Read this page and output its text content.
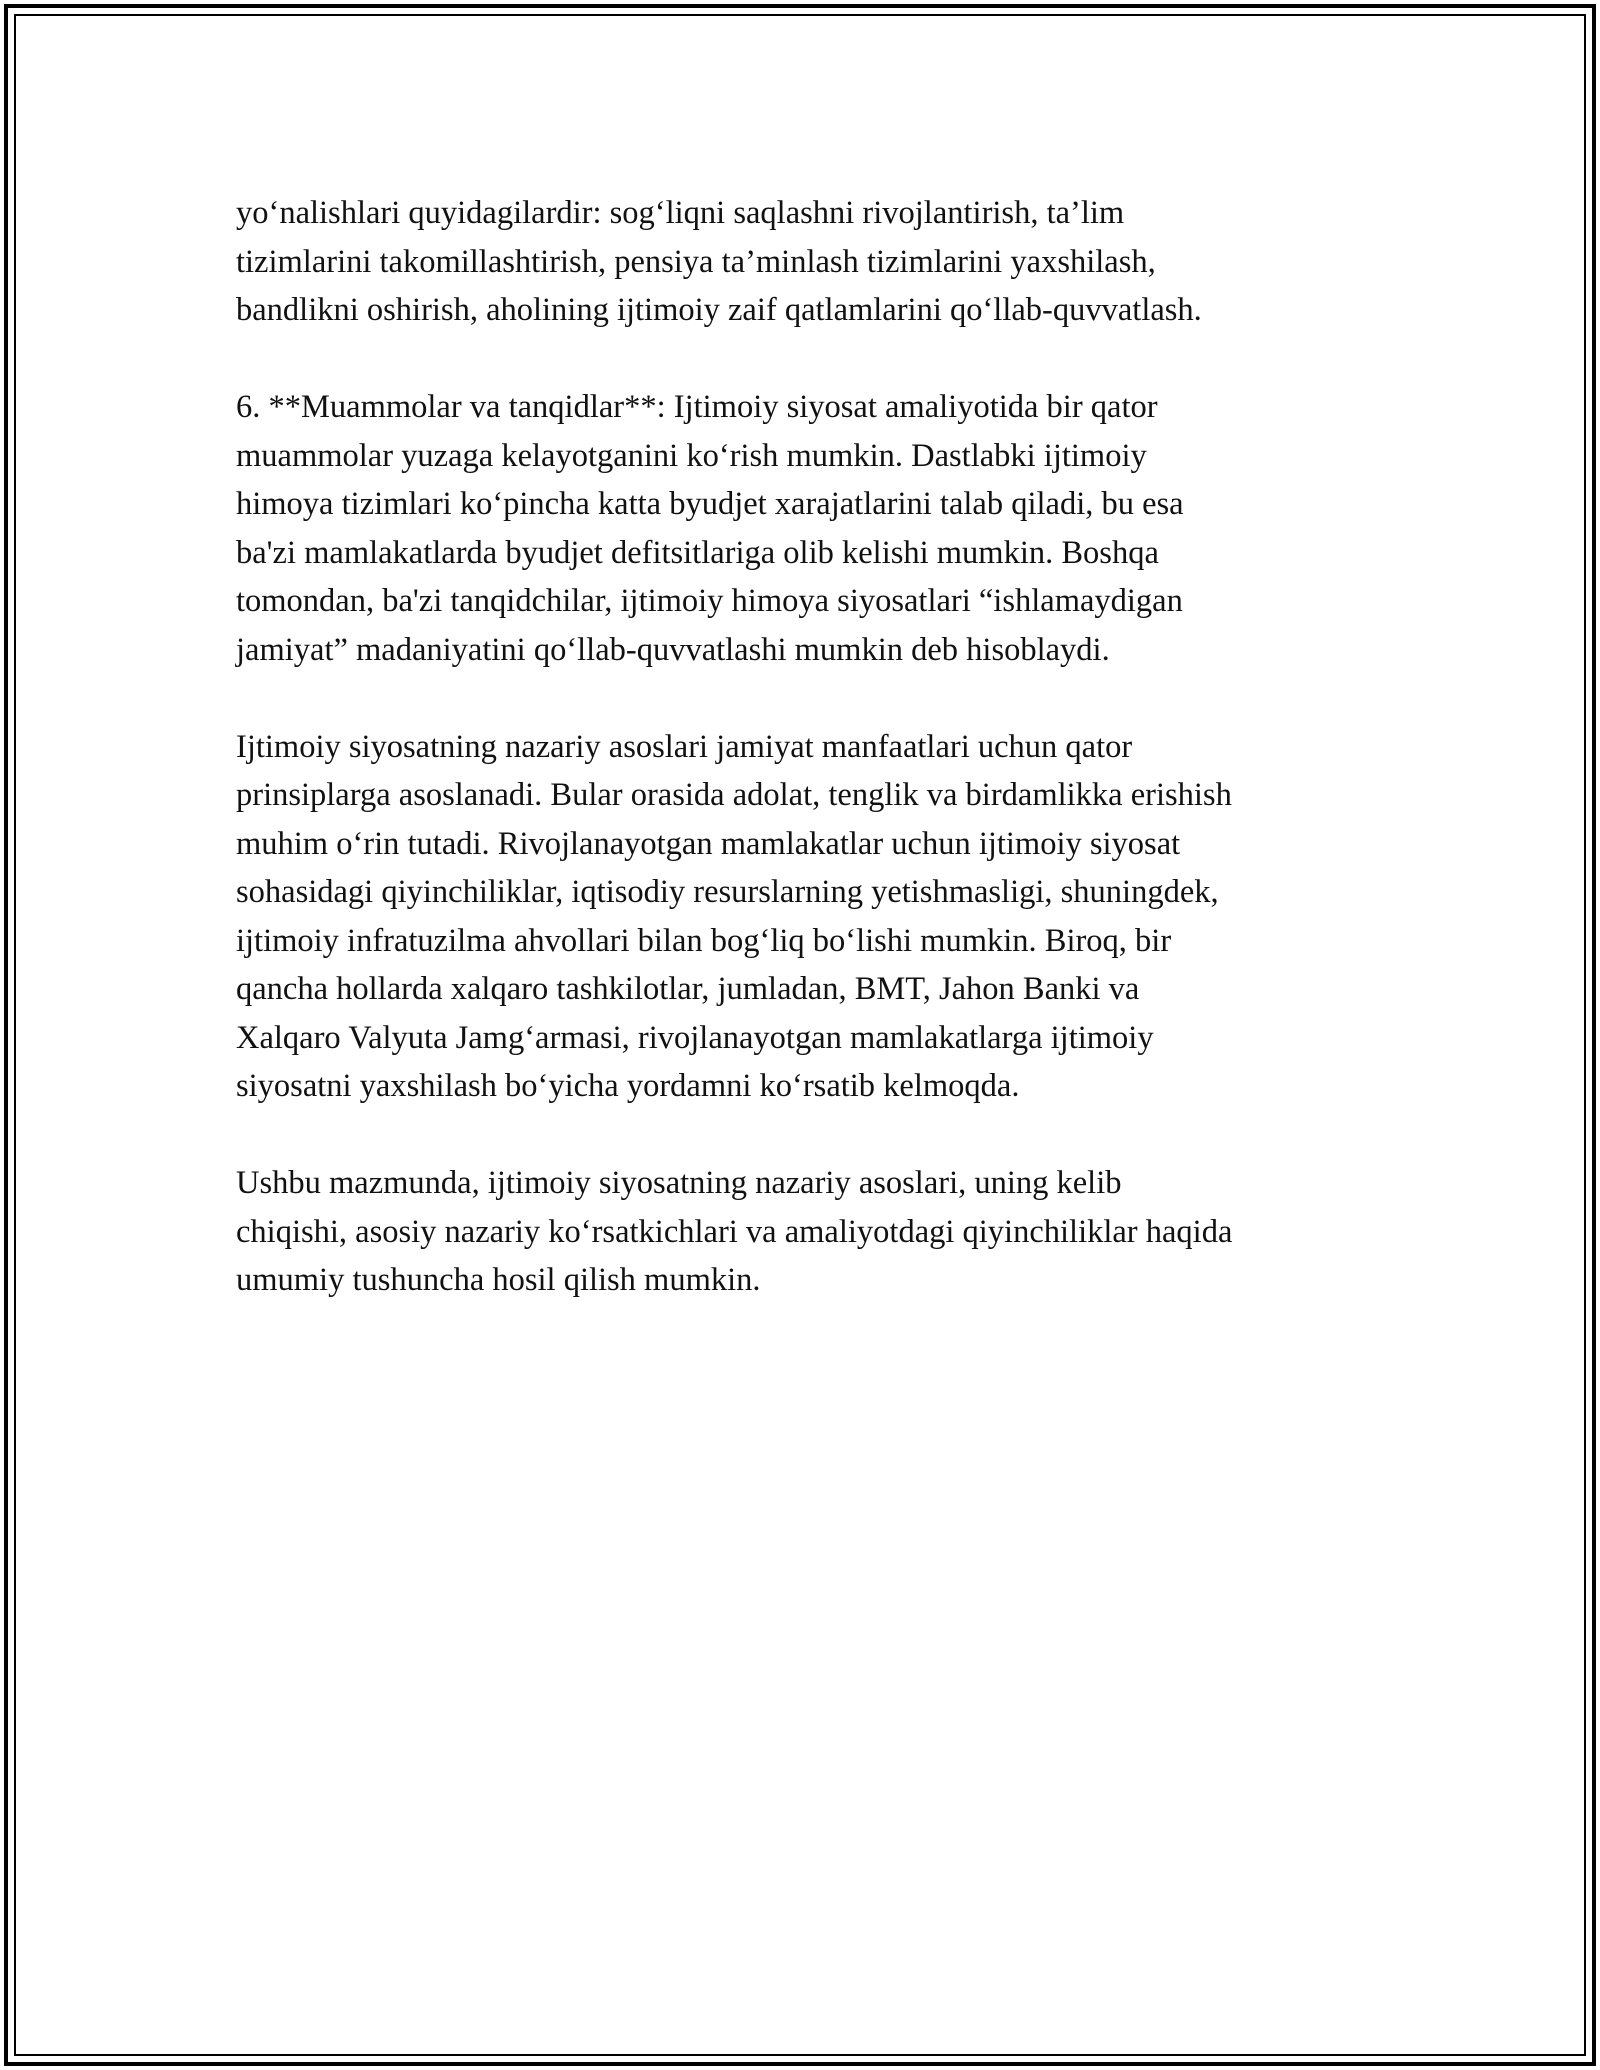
yo‘nalishlari quyidagilardir: sog‘liqni saqlashni rivojlantirish, ta’lim
tizimlarini takomillashtirish, pensiya ta’minlash tizimlarini yaxshilash,
bandlikni oshirish, aholining ijtimoiy zaif qatlamlarini qo‘llab-quvvatlash.

6. **Muammolar va tanqidlar**: Ijtimoiy siyosat amaliyotida bir qator
muammolar yuzaga kelayotganini ko‘rish mumkin. Dastlabki ijtimoiy
himoya tizimlari ko‘pincha katta byudjet xarajatlarini talab qiladi, bu esa
ba'zi mamlakatlarda byudjet defitsitlariga olib kelishi mumkin. Boshqa
tomondan, ba'zi tanqidchilar, ijtimoiy himoya siyosatlari “ishlamaydigan
jamiyat” madaniyatini qo‘llab-quvvatlashi mumkin deb hisoblaydi.

Ijtimoiy siyosatning nazariy asoslari jamiyat manfaatlari uchun qator
prinsiplarga asoslanadi. Bular orasida adolat, tenglik va birdamlikka erishish
muhim o‘rin tutadi. Rivojlanayotgan mamlakatlar uchun ijtimoiy siyosat
sohasidagi qiyinchiliklar, iqtisodiy resurslarning yetishmasligi, shuningdek,
ijtimoiy infratuzilma ahvollari bilan bog‘liq bo‘lishi mumkin. Biroq, bir
qancha hollarda xalqaro tashkilotlar, jumladan, BMT, Jahon Banki va
Xalqaro Valyuta Jamg‘armasi, rivojlanayotgan mamlakatlarga ijtimoiy
siyosatni yaxshilash bo‘yicha yordamni ko‘rsatib kelmoqda.

Ushbu mazmunda, ijtimoiy siyosatning nazariy asoslari, uning kelib
chiqishi, asosiy nazariy ko‘rsatkichlari va amaliyotdagi qiyinchiliklar haqida
umumiy tushuncha hosil qilish mumkin.
